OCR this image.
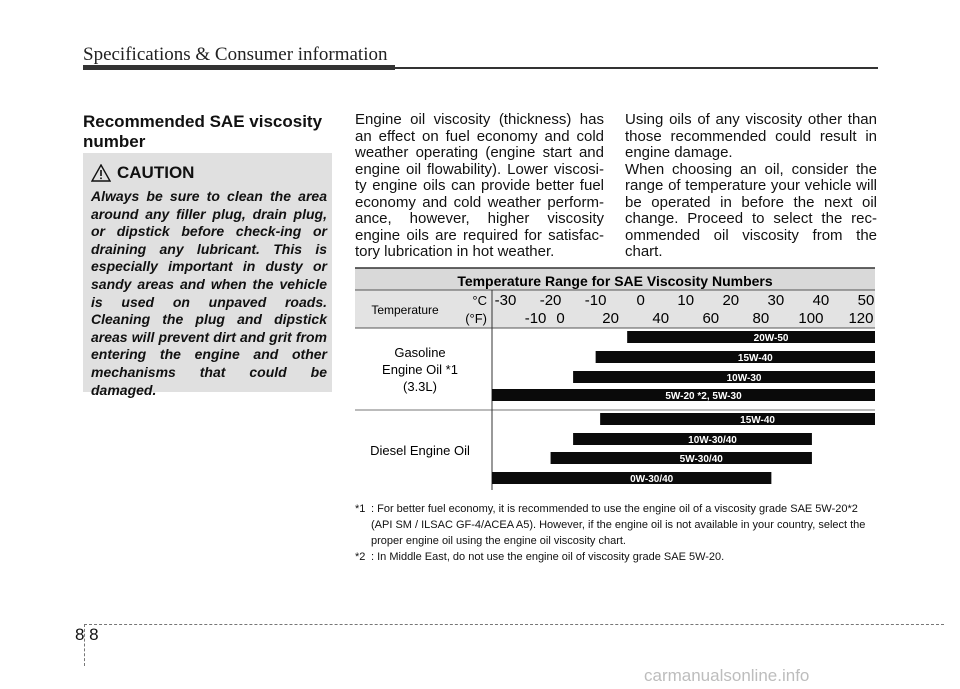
Specifications & Consumer information
Recommended SAE viscosity number
CAUTION
Always be sure to clean the area around any filler plug, drain plug, or dipstick before check-ing or draining any lubricant. This is especially important in dusty or sandy areas and when the vehicle is used on unpaved roads. Cleaning the plug and dipstick areas will prevent dirt and grit from entering the engine and other mechanisms that could be damaged.
Engine oil viscosity (thickness) has an effect on fuel economy and cold weather operating (engine start and engine oil flowability). Lower viscosi-ty engine oils can provide better fuel economy and cold weather perform-ance, however, higher viscosity engine oils are required for satisfac-tory lubrication in hot weather.

Using oils of any viscosity other than those recommended could result in engine damage.

When choosing an oil, consider the range of temperature your vehicle will be operated in before the next oil change. Proceed to select the rec-ommended oil viscosity from the chart.

Temperature Range for SAE Viscosity Numbers
Temperature
°C
(°F)
-30 -20 -10 0 10 20 30 40 50
-10 0	20 40 60 80 100 120
Gasoline
Engine Oil *1
(3.3L)
20W-50
15W-40
10W-30
5W-20 *2, 5W-30
Diesel Engine Oil
15W-40
10W-30/40
5W-30/40
0W-30/40
*1 : For better fuel economy, it is recommended to use the engine oil of a viscosity grade SAE 5W-20*2 (API SM / ILSAC GF-4/ACEA A5). However, if the engine oil is not available in your country, select the proper engine oil using the engine oil viscosity chart.
*2 : In Middle East, do not use the engine oil of viscosity grade SAE 5W-20.
8 8
carmanualsonline.info
